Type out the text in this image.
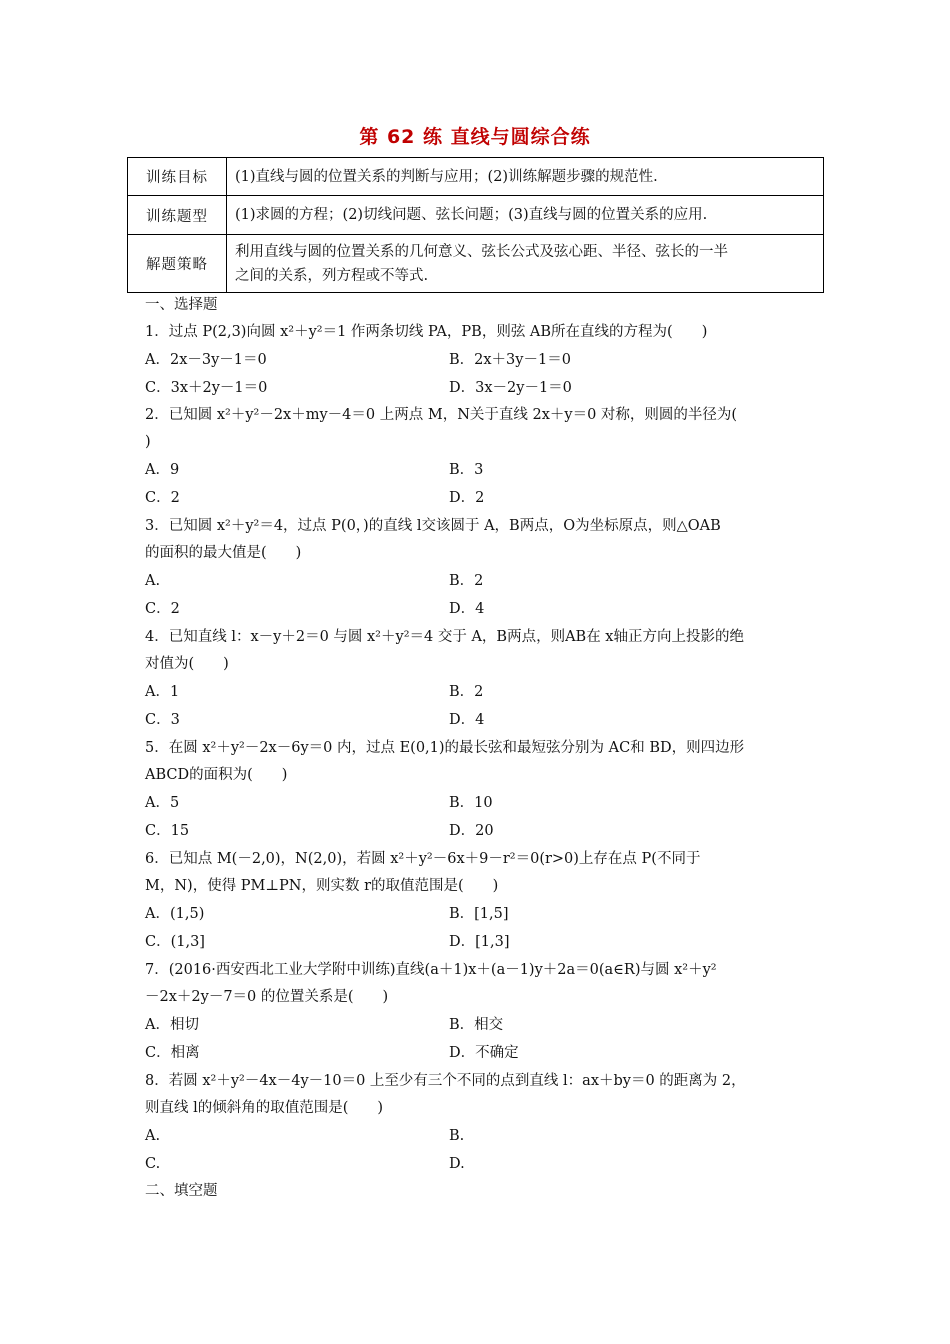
第 62 练 直线与圆综合练
训练目标	(1)直线与圆的位置关系的判断与应用；(2)训练解题步骤的规范性.
训练题型	(1)求圆的方程；(2)切线问题、弦长问题；(3)直线与圆的位置关系的应用.
解题策略	利用直线与圆的位置关系的几何意义、弦长公式及弦心距、半径、弦长的一半
之间的关系，列方程或不等式.
一、选择题
1．过点 P(2,3)向圆 x²＋y²＝1 作两条切线 PA，PB，则弦 AB所在直线的方程为(　　)
A．2x－3y－1＝0	B．2x＋3y－1＝0
C．3x＋2y－1＝0	D．3x－2y－1＝0
2．已知圆 x²＋y²－2x＋my－4＝0 上两点 M，N关于直线 2x＋y＝0 对称，则圆的半径为(
)
A．9	B．3
C．2	D．2
3．已知圆 x²＋y²＝4，过点 P(0，)的直线 l交该圆于 A，B两点，O为坐标原点，则△OAB
的面积的最大值是(　　)
A.	B．2
C．2	D．4
4．已知直线 l：x－y＋2＝0 与圆 x²＋y²＝4 交于 A，B两点，则AB在 x轴正方向上投影的绝
对值为(　　)
A．1	B．2
C．3	D．4
5．在圆 x²＋y²－2x－6y＝0 内，过点 E(0,1)的最长弦和最短弦分别为 AC和 BD，则四边形
ABCD的面积为(　　)
A．5	B．10
C．15	D．20
6．已知点 M(－2,0)，N(2,0)，若圆 x²＋y²－6x＋9－r²＝0(r>0)上存在点 P(不同于
M，N)，使得 PM⊥PN，则实数 r的取值范围是(　　)
A．(1,5)	B．[1,5]
C．(1,3]	D．[1,3]
7．(2016·西安西北工业大学附中训练)直线(a＋1)x＋(a－1)y＋2a＝0(a∈R)与圆 x²＋y²
－2x＋2y－7＝0 的位置关系是(　　)
A．相切	B．相交
C．相离	D．不确定
8．若圆 x²＋y²－4x－4y－10＝0 上至少有三个不同的点到直线 l：ax＋by＝0 的距离为 2，
则直线 l的倾斜角的取值范围是(　　)
A.	B.
C.	D.
二、填空题
